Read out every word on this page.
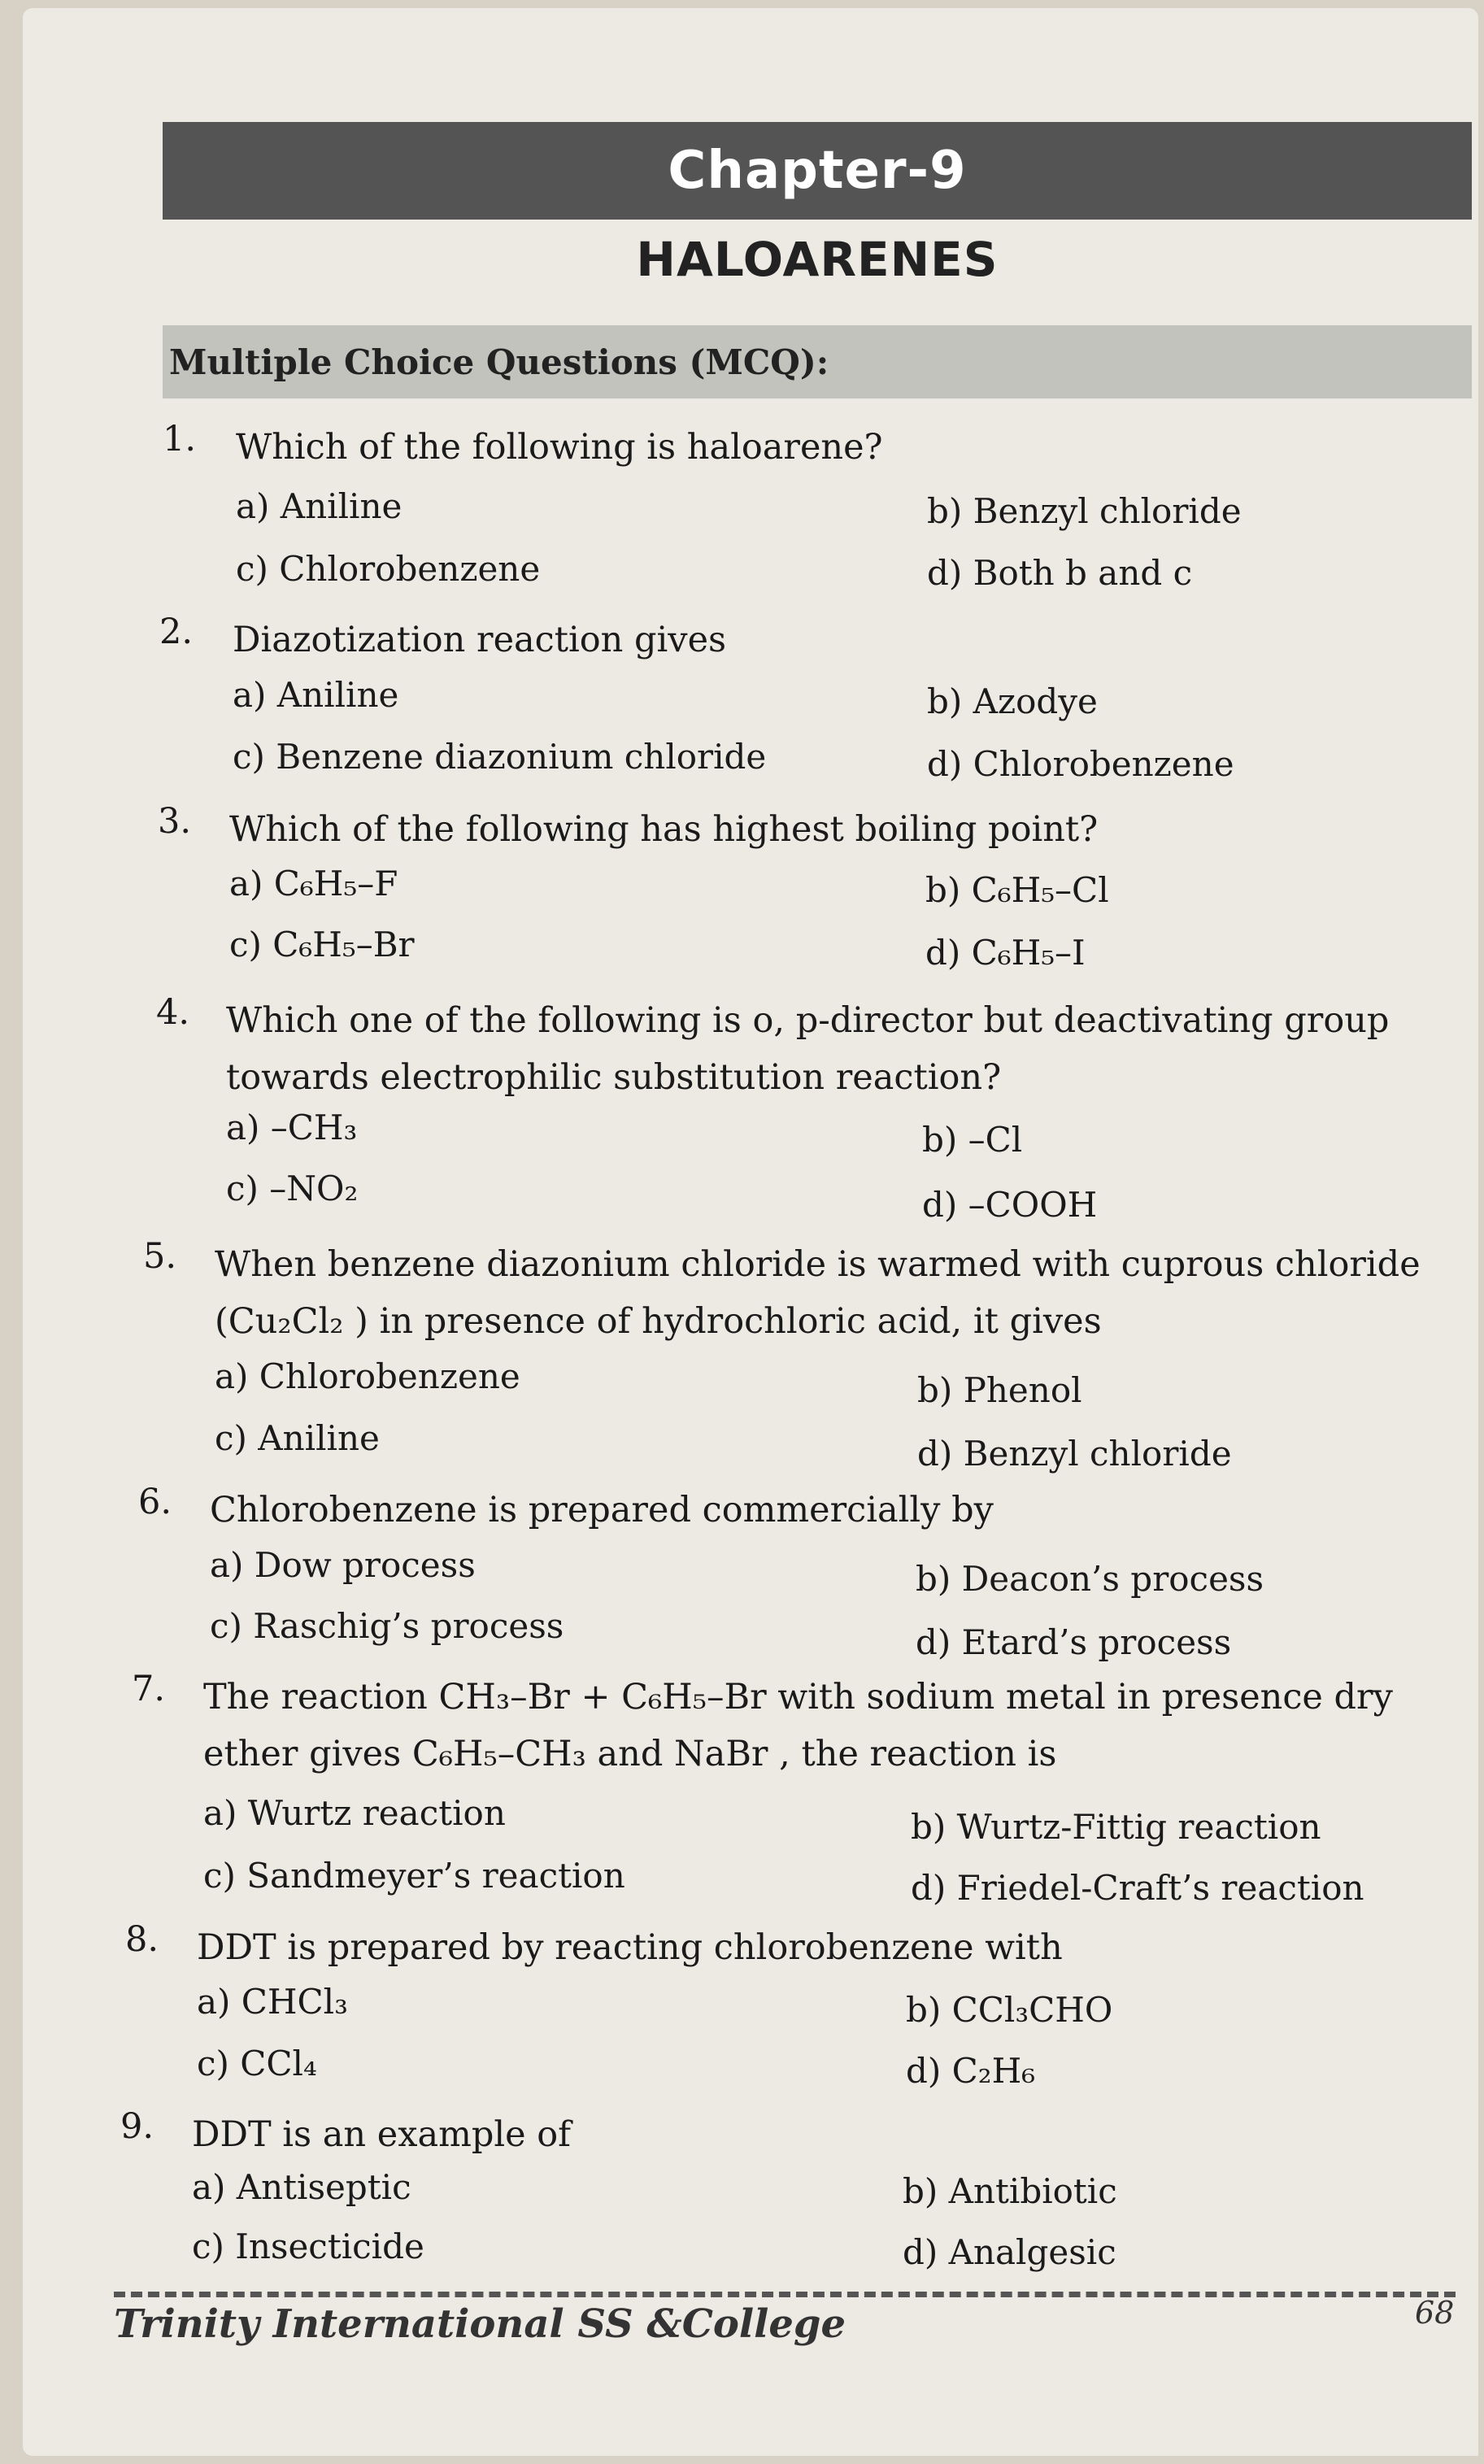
Chapter-9
HALOARENES
Multiple Choice Questions (MCQ):
1. Which of the following is haloarene?
a) Aniline	b) Benzyl chloride
c) Chlorobenzene	d) Both b and c
2. Diazotization reaction gives
a) Aniline	b) Azodye
c) Benzene diazonium chloride	d) Chlorobenzene
3. Which of the following has highest boiling point?
a) C₆H₅–F	b) C₆H₅–Cl
c) C₆H₅–Br	d) C₆H₅–I
4. Which one of the following is o, p-director but deactivating group towards electrophilic substitution reaction?
a) –CH₃	b) –Cl
c) –NO₂	d) –COOH
5. When benzene diazonium chloride is warmed with cuprous chloride (Cu₂Cl₂ ) in presence of hydrochloric acid, it gives
a) Chlorobenzene	b) Phenol
c) Aniline	d) Benzyl chloride
6. Chlorobenzene is prepared commercially by
a) Dow process	b) Deacon’s process
c) Raschig’s process	d) Etard’s process
7. The reaction CH₃–Br + C₆H₅–Br with sodium metal in presence dry ether gives C₆H₅–CH₃ and NaBr , the reaction is
a) Wurtz reaction	b) Wurtz-Fittig reaction
c) Sandmeyer’s reaction	d) Friedel-Craft’s reaction
8. DDT is prepared by reacting chlorobenzene with
a) CHCl₃	b) CCl₃CHO
c) CCl₄	d) C₂H₆
9. DDT is an example of
a) Antiseptic	b) Antibiotic
c) Insecticide	d) Analgesic
Trinity International SS &College	68
